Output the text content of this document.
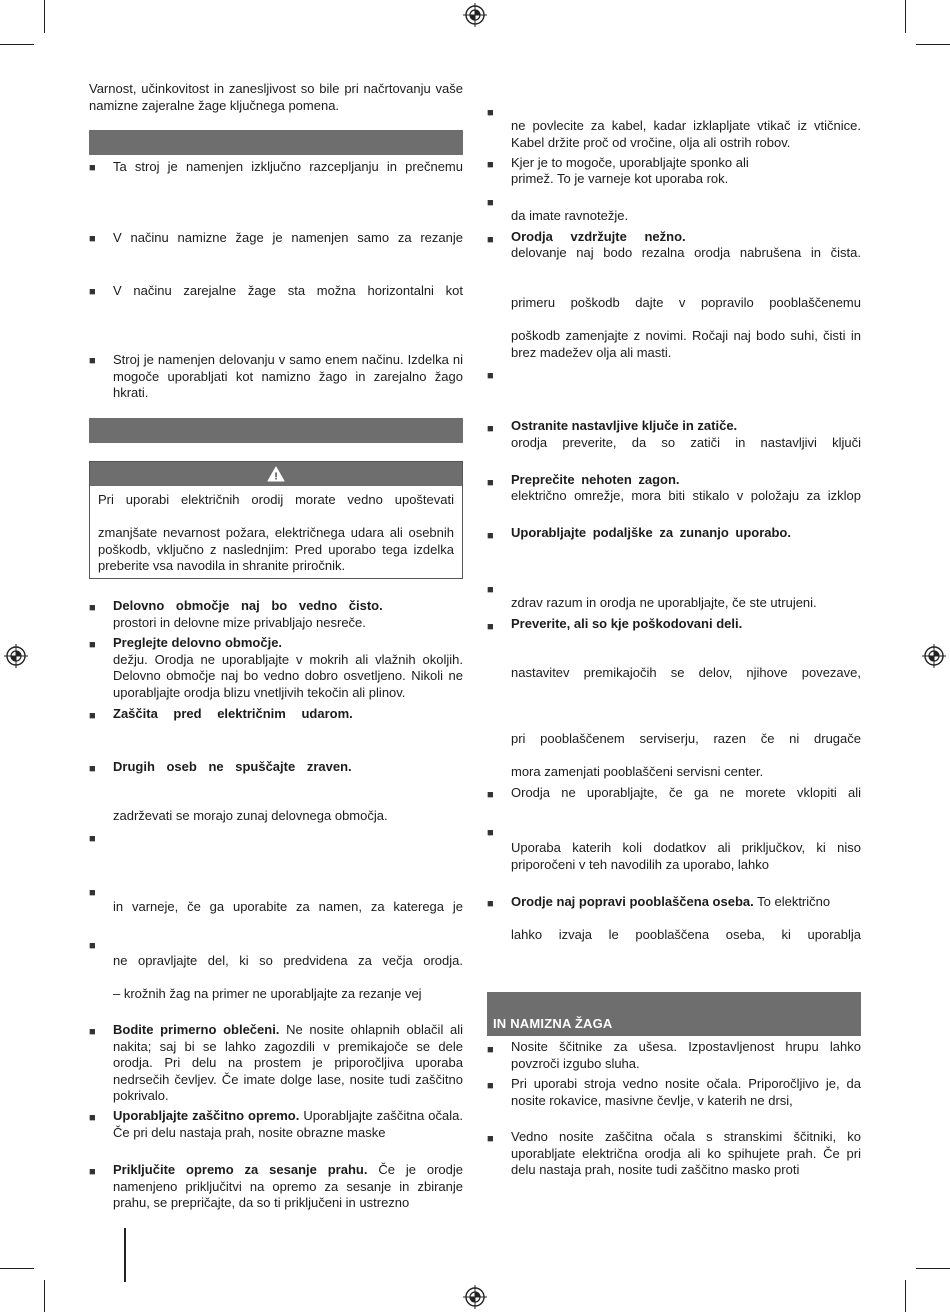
Varnost, učinkovitost in zanesljivost so bile pri načrtovanju vaše namizne zajeralne žage ključnega pomena.
■	Ta stroj je namenjen izključno razcepljanju in prečnemu
■	V načinu namizne žage je namenjen samo za rezanje
■	V načinu zarejalne žage sta možna horizontalni kot
■	Stroj je namenjen delovanju v samo enem načinu. Izdelka ni mogoče uporabljati kot namizno žago in zarejalno žago hkrati.
!
Pri uporabi električnih orodij morate vedno upoštevati
zmanjšate nevarnost požara, električnega udara ali osebnih poškodb, vključno z naslednjim: Pred uporabo tega izdelka preberite vsa navodila in shranite priročnik.
■	Delovno območje naj bo vedno čisto.
prostori in delovne mize privabljajo nesreče.
■	Preglejte delovno območje.
dežju. Orodja ne uporabljajte v mokrih ali vlažnih okoljih. Delovno območje naj bo vedno dobro osvetljeno. Nikoli ne uporabljajte orodja blizu vnetljivih tekočin ali plinov.
■	Zaščita pred električnim udarom.
■	Drugih oseb ne spuščajte zraven.
zadrževati se morajo zunaj delovnega območja.
■
■
in varneje, če ga uporabite za namen, za katerega je
■
ne opravljajte del, ki so predvidena za večja orodja.
– krožnih žag na primer ne uporabljajte za rezanje vej
■	Bodite primerno oblečeni. Ne nosite ohlapnih oblačil ali nakita; saj bi se lahko zagozdili v premikajoče se dele orodja. Pri delu na prostem je priporočljiva uporaba nedrsečih čevljev. Če imate dolge lase, nosite tudi zaščitno pokrivalo.
■	Uporabljajte zaščitno opremo. Uporabljajte zaščitna očala. Če pri delu nastaja prah, nosite obrazne maske
■	Priključite opremo za sesanje prahu. Če je orodje namenjeno priključitvi na opremo za sesanje in zbiranje prahu, se prepričajte, da so ti priključeni in ustrezno
■
ne povlecite za kabel, kadar izklapljate vtikač iz vtičnice. Kabel držite proč od vročine, olja ali ostrih robov.
■	Kjer je to mogoče, uporabljajte sponko ali
primež. To je varneje kot uporaba rok.
■
da imate ravnotežje.
■	Orodja vzdržujte nežno.
delovanje naj bodo rezalna orodja nabrušena in čista.
primeru poškodb dajte v popravilo pooblaščenemu
poškodb zamenjajte z novimi. Ročaji naj bodo suhi, čisti in brez madežev olja ali masti.
■
■	Ostranite nastavljive ključe in zatiče.
orodja preverite, da so zatiči in nastavljivi ključi
■	Preprečite nehoten zagon.
električno omrežje, mora biti stikalo v položaju za izklop
■	Uporabljajte podaljške za zunanjo uporabo.
■
zdrav razum in orodja ne uporabljajte, če ste utrujeni.
■	Preverite, ali so kje poškodovani deli.
nastavitev premikajočih se delov, njihove povezave,
pri pooblaščenem serviserju, razen če ni drugače
mora zamenjati pooblaščeni servisni center.
■	Orodja ne uporabljajte, če ga ne morete vklopiti ali
■
Uporaba katerih koli dodatkov ali priključkov, ki niso priporočeni v teh navodilih za uporabo, lahko
■	Orodje naj popravi pooblaščena oseba. To električno
lahko izvaja le pooblaščena oseba, ki uporablja
IN NAMIZNA ŽAGA
■	Nosite ščitnike za ušesa. Izpostavljenost hrupu lahko povzroči izgubo sluha.
■	Pri uporabi stroja vedno nosite očala. Priporočljivo je, da nosite rokavice, masivne čevlje, v katerih ne drsi,
■	Vedno nosite zaščitna očala s stranskimi ščitniki, ko uporabljate električna orodja ali ko spihujete prah. Če pri delu nastaja prah, nosite tudi zaščitno masko proti
